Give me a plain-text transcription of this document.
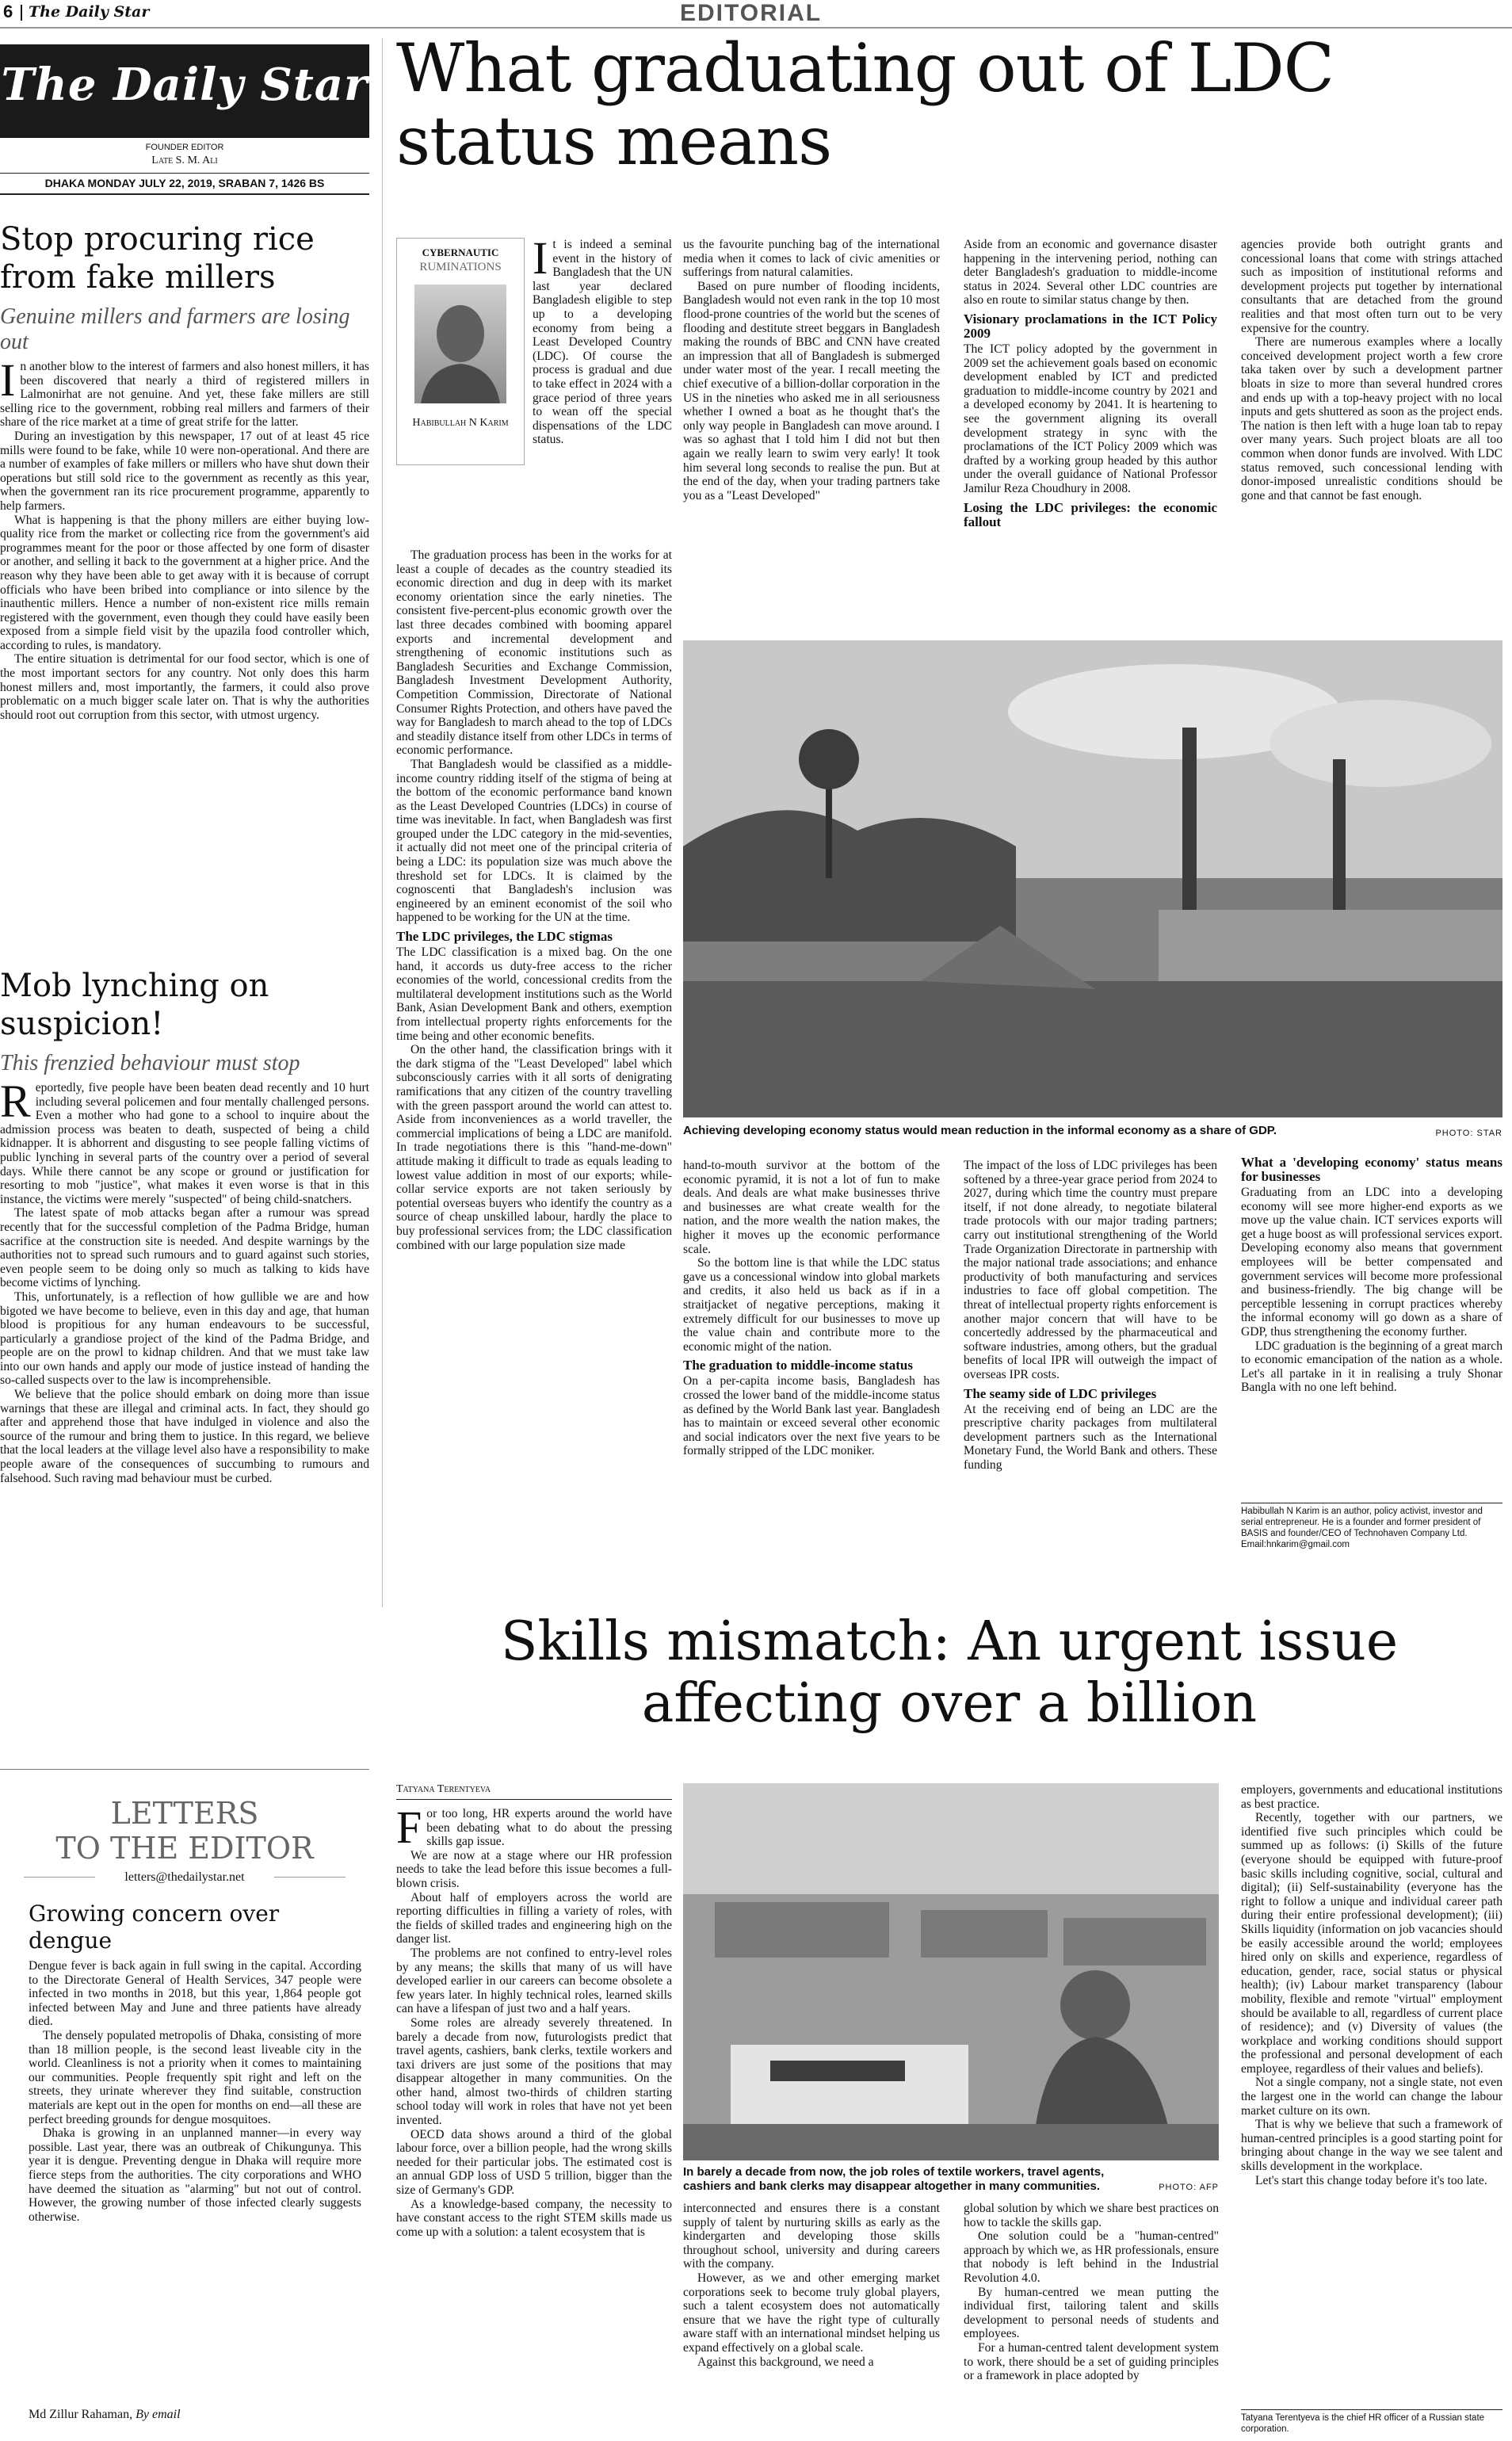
6 The Daily Star	EDITORIAL
The Daily Star
FOUNDER EDITOR
Late S. M. Ali
DHAKA MONDAY JULY 22, 2019, SRABAN 7, 1426 BS
Stop procuring rice from fake millers
Genuine millers and farmers are losing out

In another blow to the interest of farmers and also honest millers, it has been discovered that nearly a third of registered millers in Lalmonirhat are not genuine. And yet, these fake millers are still selling rice to the government, robbing real millers and farmers of their share of the rice market at a time of great strife for the latter.

During an investigation by this newspaper, 17 out of at least 45 rice mills were found to be fake, while 10 were non-operational. And there are a number of examples of fake millers or millers who have shut down their operations but still sold rice to the government as recently as this year, when the government ran its rice procurement programme, apparently to help farmers.

What is happening is that the phony millers are either buying low-quality rice from the market or collecting rice from the government's aid programmes meant for the poor or those affected by one form of disaster or another, and selling it back to the government at a higher price. And the reason why they have been able to get away with it is because of corrupt officials who have been bribed into compliance or into silence by the inauthentic millers. Hence a number of non-existent rice mills remain registered with the government, even though they could have easily been exposed from a simple field visit by the upazila food controller which, according to rules, is mandatory.

The entire situation is detrimental for our food sector, which is one of the most important sectors for any country. Not only does this harm honest millers and, most importantly, the farmers, it could also prove problematic on a much bigger scale later on. That is why the authorities should root out corruption from this sector, with utmost urgency.

Mob lynching on suspicion!
This frenzied behaviour must stop

Reportedly, five people have been beaten dead recently and 10 hurt including several policemen and four mentally challenged persons. Even a mother who had gone to a school to inquire about the admission process was beaten to death, suspected of being a child kidnapper. It is abhorrent and disgusting to see people falling victims of public lynching in several parts of the country over a period of several days. While there cannot be any scope or ground or justification for resorting to mob "justice", what makes it even worse is that in this instance, the victims were merely "suspected" of being child-snatchers.

The latest spate of mob attacks began after a rumour was spread recently that for the successful completion of the Padma Bridge, human sacrifice at the construction site is needed. And despite warnings by the authorities not to spread such rumours and to guard against such stories, even people seem to be doing only so much as talking to kids have become victims of lynching.

This, unfortunately, is a reflection of how gullible we are and how bigoted we have become to believe, even in this day and age, that human blood is propitious for any human endeavours to be successful, particularly a grandiose project of the kind of the Padma Bridge, and people are on the prowl to kidnap children. And that we must take law into our own hands and apply our mode of justice instead of handing the so-called suspects over to the law is incomprehensible.

We believe that the police should embark on doing more than issue warnings that these are illegal and criminal acts. In fact, they should go after and apprehend those that have indulged in violence and also the source of the rumour and bring them to justice. In this regard, we believe that the local leaders at the village level also have a responsibility to make people aware of the consequences of succumbing to rumours and falsehood. Such raving mad behaviour must be curbed.

LETTERS
TO THE EDITOR
letters@thedailystar.net
Growing concern over dengue

Dengue fever is back again in full swing in the capital. According to the Directorate General of Health Services, 347 people were infected in two months in 2018, but this year, 1,864 people got infected between May and June and three patients have already died.

The densely populated metropolis of Dhaka, consisting of more than 18 million people, is the second least liveable city in the world. Cleanliness is not a priority when it comes to maintaining our communities. People frequently spit right and left on the streets, they urinate wherever they find suitable, construction materials are kept out in the open for months on end—all these are perfect breeding grounds for dengue mosquitoes.

Dhaka is growing in an unplanned manner—in every way possible. Last year, there was an outbreak of Chikungunya. This year it is dengue. Preventing dengue in Dhaka will require more fierce steps from the authorities. The city corporations and WHO have deemed the situation as "alarming" but not out of control. However, the growing number of those infected clearly suggests otherwise.

Md Zillur Rahaman, By email
What graduating out of LDC status means
CYBERNAUTIC
RUMINATIONS
Habibullah N Karim

It is indeed a seminal event in the history of Bangladesh that the UN last year declared Bangladesh eligible to step up to a developing economy from being a Least Developed Country (LDC). Of course the process is gradual and due to take effect in 2024 with a grace period of three years to wean off the special dispensations of the LDC status.

The graduation process has been in the works for at least a couple of decades as the country steadied its economic direction and dug in deep with its market economy orientation since the early nineties. The consistent five-percent-plus economic growth over the last three decades combined with booming apparel exports and incremental development and strengthening of economic institutions such as Bangladesh Securities and Exchange Commission, Bangladesh Investment Development Authority, Competition Commission, Directorate of National Consumer Rights Protection, and others have paved the way for Bangladesh to march ahead to the top of LDCs and steadily distance itself from other LDCs in terms of economic performance.

That Bangladesh would be classified as a middle-income country ridding itself of the stigma of being at the bottom of the economic performance band known as the Least Developed Countries (LDCs) in course of time was inevitable. In fact, when Bangladesh was first grouped under the LDC category in the mid-seventies, it actually did not meet one of the principal criteria of being a LDC: its population size was much above the threshold set for LDCs. It is claimed by the cognoscenti that Bangladesh's inclusion was engineered by an eminent economist of the soil who happened to be working for the UN at the time.

The LDC privileges, the LDC stigmas

The LDC classification is a mixed bag. On the one hand, it accords us duty-free access to the richer economies of the world, concessional credits from the multilateral development institutions such as the World Bank, Asian Development Bank and others, exemption from intellectual property rights enforcements for the time being and other economic benefits.

On the other hand, the classification brings with it the dark stigma of the "Least Developed" label which subconsciously carries with it all sorts of denigrating ramifications that any citizen of the country travelling with the green passport around the world can attest to. Aside from inconveniences as a world traveller, the commercial implications of being a LDC are manifold. In trade negotiations there is this "hand-me-down" attitude making it difficult to trade as equals leading to lowest value addition in most of our exports; while-collar service exports are not taken seriously by potential overseas buyers who identify the country as a source of cheap unskilled labour, hardly the place to buy professional services from; the LDC classification combined with our large population size made

us the favourite punching bag of the international media when it comes to lack of civic amenities or sufferings from natural calamities.

Based on pure number of flooding incidents, Bangladesh would not even rank in the top 10 most flood-prone countries of the world but the scenes of flooding and destitute street beggars in Bangladesh making the rounds of BBC and CNN have created an impression that all of Bangladesh is submerged under water most of the year. I recall meeting the chief executive of a billion-dollar corporation in the US in the nineties who asked me in all seriousness whether I owned a boat as he thought that's the only way people in Bangladesh can move around. I was so aghast that I told him I did not but then again we really learn to swim very early! It took him several long seconds to realise the pun. But at the end of the day, when your trading partners take you as a "Least Developed"

Aside from an economic and governance disaster happening in the intervening period, nothing can deter Bangladesh's graduation to middle-income status in 2024. Several other LDC countries are also en route to similar status change by then.

Visionary proclamations in the ICT Policy 2009

The ICT policy adopted by the government in 2009 set the achievement goals based on economic development enabled by ICT and predicted graduation to middle-income country by 2021 and a developed economy by 2041. It is heartening to see the government aligning its overall development strategy in sync with the proclamations of the ICT Policy 2009 which was drafted by a working group headed by this author under the overall guidance of National Professor Jamilur Reza Choudhury in 2008.

Losing the LDC privileges: the economic fallout

agencies provide both outright grants and concessional loans that come with strings attached such as imposition of institutional reforms and development projects put together by international consultants that are detached from the ground realities and that most often turn out to be very expensive for the country.

There are numerous examples where a locally conceived development project worth a few crore taka taken over by such a development partner bloats in size to more than several hundred crores and ends up with a top-heavy project with no local inputs and gets shuttered as soon as the project ends. The nation is then left with a huge loan tab to repay over many years. Such project bloats are all too common when donor funds are involved. With LDC status removed, such concessional lending with donor-imposed unrealistic conditions should be gone and that cannot be fast enough.

Achieving developing economy status would mean reduction in the informal economy as a share of GDP.	PHOTO: STAR

hand-to-mouth survivor at the bottom of the economic pyramid, it is not a lot of fun to make deals. And deals are what make businesses thrive and businesses are what create wealth for the nation, and the more wealth the nation makes, the higher it moves up the economic performance scale.

So the bottom line is that while the LDC status gave us a concessional window into global markets and credits, it also held us back as if in a straitjacket of negative perceptions, making it extremely difficult for our businesses to move up the value chain and contribute more to the economic might of the nation.

The graduation to middle-income status

On a per-capita income basis, Bangladesh has crossed the lower band of the middle-income status as defined by the World Bank last year. Bangladesh has to maintain or exceed several other economic and social indicators over the next five years to be formally stripped of the LDC moniker.

The impact of the loss of LDC privileges has been softened by a three-year grace period from 2024 to 2027, during which time the country must prepare itself, if not done already, to negotiate bilateral trade protocols with our major trading partners; carry out institutional strengthening of the World Trade Organization Directorate in partnership with the major national trade associations; and enhance productivity of both manufacturing and services industries to face off global competition. The threat of intellectual property rights enforcement is another major concern that will have to be concertedly addressed by the pharmaceutical and software industries, among others, but the gradual benefits of local IPR will outweigh the impact of overseas IPR costs.

The seamy side of LDC privileges

At the receiving end of being an LDC are the prescriptive charity packages from multilateral development partners such as the International Monetary Fund, the World Bank and others. These funding

What a 'developing economy' status means for businesses

Graduating from an LDC into a developing economy will see more higher-end exports as we move up the value chain. ICT services exports will get a huge boost as will professional services export. Developing economy also means that government employees will be better compensated and government services will become more professional and business-friendly. The big change will be perceptible lessening in corrupt practices whereby the informal economy will go down as a share of GDP, thus strengthening the economy further.

LDC graduation is the beginning of a great march to economic emancipation of the nation as a whole. Let's all partake in it in realising a truly Shonar Bangla with no one left behind.

Habibullah N Karim is an author, policy activist, investor and serial entrepreneur. He is a founder and former president of BASIS and founder/CEO of Technohaven Company Ltd.
Email:hnkarim@gmail.com
Skills mismatch: An urgent issue
affecting over a billion
Tatyana Terentyeva

For too long, HR experts around the world have been debating what to do about the pressing skills gap issue.

We are now at a stage where our HR profession needs to take the lead before this issue becomes a full-blown crisis.

About half of employers across the world are reporting difficulties in filling a variety of roles, with the fields of skilled trades and engineering high on the danger list.

The problems are not confined to entry-level roles by any means; the skills that many of us will have developed earlier in our careers can become obsolete a few years later. In highly technical roles, learned skills can have a lifespan of just two and a half years.

Some roles are already severely threatened. In barely a decade from now, futurologists predict that travel agents, cashiers, bank clerks, textile workers and taxi drivers are just some of the positions that may disappear altogether in many communities. On the other hand, almost two-thirds of children starting school today will work in roles that have not yet been invented.

OECD data shows around a third of the global labour force, over a billion people, had the wrong skills needed for their particular jobs. The estimated cost is an annual GDP loss of USD 5 trillion, bigger than the size of Germany's GDP.

As a knowledge-based company, the necessity to have constant access to the right STEM skills made us come up with a solution: a talent ecosystem that is

In barely a decade from now, the job roles of textile workers, travel agents, cashiers and bank clerks may disappear altogether in many communities.	PHOTO: AFP

interconnected and ensures there is a constant supply of talent by nurturing skills as early as the kindergarten and developing those skills throughout school, university and during careers with the company.

However, as we and other emerging market corporations seek to become truly global players, such a talent ecosystem does not automatically ensure that we have the right type of culturally aware staff with an international mindset helping us expand effectively on a global scale.

Against this background, we need a

global solution by which we share best practices on how to tackle the skills gap.

One solution could be a "human-centred" approach by which we, as HR professionals, ensure that nobody is left behind in the Industrial Revolution 4.0.

By human-centred we mean putting the individual first, tailoring talent and skills development to personal needs of students and employees.

For a human-centred talent development system to work, there should be a set of guiding principles or a framework in place adopted by

employers, governments and educational institutions as best practice.

Recently, together with our partners, we identified five such principles which could be summed up as follows: (i) Skills of the future (everyone should be equipped with future-proof basic skills including cognitive, social, cultural and digital); (ii) Self-sustainability (everyone has the right to follow a unique and individual career path during their entire professional development); (iii) Skills liquidity (information on job vacancies should be easily accessible around the world; employees hired only on skills and experience, regardless of education, gender, race, social status or physical health); (iv) Labour market transparency (labour mobility, flexible and remote "virtual" employment should be available to all, regardless of current place of residence); and (v) Diversity of values (the workplace and working conditions should support the professional and personal development of each employee, regardless of their values and beliefs).

Not a single company, not a single state, not even the largest one in the world can change the labour market culture on its own.

That is why we believe that such a framework of human-centred principles is a good starting point for bringing about change in the way we see talent and skills development in the workplace.

Let's start this change today before it's too late.

Tatyana Terentyeva is the chief HR officer of a Russian state corporation.
